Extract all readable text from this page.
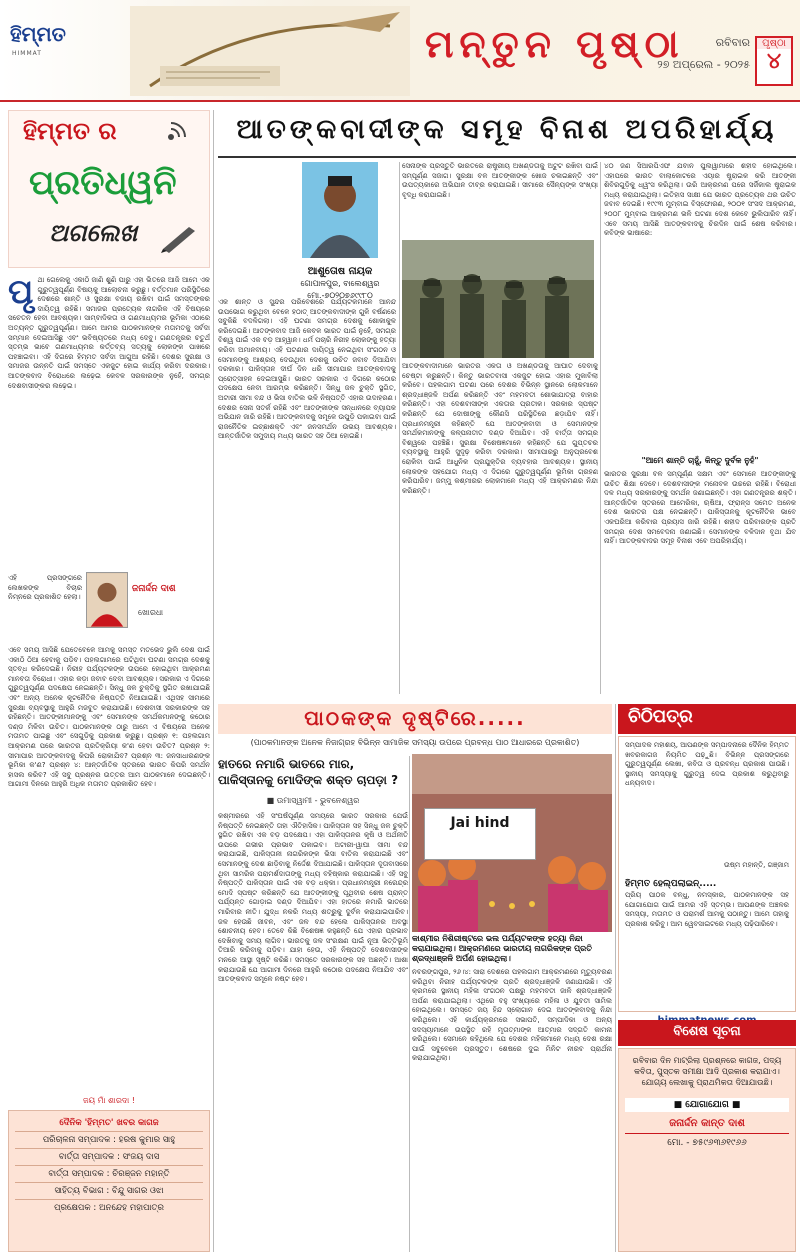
ହିମ୍ମତ
HIMMAT	ମନ୍ତୁନ ପୃଷ୍ଠା	ରବିବାର
୨୭ ଅପ୍ରେଲ - ୨୦୨୫
ପୃଷ୍ଠା
୪
ହିମ୍ମତ ର
ପ୍ରତିଧ୍ୱନି
ଅଗଲେଖ
ପୃ ଥା ଗେଲେକୁ ଏକାଠି ଜାଣି ଶୁଣି ପାରୁ ଏହା ଭିତରେ ଆଜି ଆମେ ଏକ ଗୁରୁତ୍ୱପୂର୍ଣ୍ଣ ବିଷୟକୁ ଆଲୋଚନା କରୁଛୁ। ବର୍ତ୍ତମାନ ପରିସ୍ଥିତିରେ ଦେଶରେ ଶାନ୍ତି ଓ ସୁରକ୍ଷା ବଜାୟ ରଖିବା ପାଇଁ ସମସ୍ତଙ୍କର ଦାୟିତ୍ୱ ରହିଛି। ସମାଜର ପ୍ରତ୍ୟେକ ନାଗରିକ ଏହି ବିଷୟରେ ସଚେତନ ହେବା ଆବଶ୍ୟକ। ସାମ୍ବାଦିକତା ଓ ଗଣମାଧ୍ୟମର ଭୂମିକା ଏଠାରେ ଅତ୍ୟନ୍ତ ଗୁରୁତ୍ୱପୂର୍ଣ୍ଣ। ଆମେ ଆମର ପାଠକମାନଙ୍କ ମତାମତକୁ ସର୍ବଦା ସମ୍ମାନ ଦେଇଆସିଛୁ ଏବଂ ଭବିଷ୍ୟତରେ ମଧ୍ୟ ଦେବୁ। ଗଣତନ୍ତ୍ରର ଚତୁର୍ଥ ସ୍ତମ୍ଭ ଭାବେ ଗଣମାଧ୍ୟମର କର୍ତ୍ତବ୍ୟ ସତ୍ୟକୁ ଲୋକଙ୍କ ପାଖରେ ପହଞ୍ଚାଇବା। ଏହି ଦିଗରେ ହିମ୍ମତ ସର୍ବଦା ଆଗୁଆ ରହିଛି। ଦେଶର ସୁରକ୍ଷା ଓ ସମାଜର ଉନ୍ନତି ପାଇଁ ସମସ୍ତେ ଏକଜୁଟ ହୋଇ କାର୍ଯ୍ୟ କରିବା ଦରକାର। ଆତଙ୍କବାଦ ବିରୋଧରେ ଲଢ଼େଇ କେବଳ ସରକାରଙ୍କ ନୁହେଁ, ସମଗ୍ର ଦେଶବାସୀଙ୍କର ଲଢ଼େଇ।
ଏହି ପ୍ରସଙ୍ଗରେ ଲେଖକଙ୍କ ବିଚାର ନିମ୍ନରେ ପ୍ରକାଶିତ ହେଲା।
ଜନାର୍ଦ୍ଦନ ଦାଶ
ଖୋରଧା
ଏବେ ସମୟ ଆସିଛି ଯେତେବେଳେ ଆମକୁ ସମସ୍ତ ମତଭେଦ ଭୁଲି ଦେଶ ପାଇଁ ଏକାଠି ଠିଆ ହେବାକୁ ପଡ଼ିବ। ପହଲଗାମରେ ଘଟିଥିବା ଘଟଣା ସମଗ୍ର ଦେଶକୁ ସ୍ତବ୍ଧ କରିଦେଇଛି। ନିରୀହ ପର୍ଯ୍ୟଟକଙ୍କ ଉପରେ ହୋଇଥିବା ଆକ୍ରମଣ ମାନବତା ବିରୋଧୀ। ଏହାର କଡ଼ା ଜବାବ ଦେବା ଆବଶ୍ୟକ। ସରକାର ଏ ଦିଗରେ ଗୁରୁତ୍ୱପୂର୍ଣ୍ଣ ପଦକ୍ଷେପ ନେଇଛନ୍ତି। ସିନ୍ଧୁ ଜଳ ଚୁକ୍ତିକୁ ସ୍ଥଗିତ ରଖାଯାଇଛି ଏବଂ ଅନ୍ୟ ଅନେକ କୂଟନୈତିକ ନିଷ୍ପତ୍ତି ନିଆଯାଇଛି। ଏଥିସହ ସୀମାରେ ସୁରକ୍ଷା ବ୍ୟବସ୍ଥାକୁ ଆହୁରି ମଜବୁତ କରାଯାଉଛି। ଦେଶବାସୀ ସରକାରଙ୍କ ସହ ରହିଛନ୍ତି। ଆତଙ୍କୀମାନଙ୍କୁ ଏବଂ ସେମାନଙ୍କ ସମର୍ଥକମାନଙ୍କୁ କଠୋର ଦଣ୍ଡ ମିଳିବା ଉଚିତ। ପାଠକମାନଙ୍କ ଠାରୁ ଆମେ ଏ ବିଷୟରେ ଅନେକ ମତାମତ ପାଇଛୁ ଏବଂ ସେଗୁଡ଼ିକୁ ପ୍ରକାଶ କରୁଛୁ। ପ୍ରଶ୍ନ ୧: ପହଲଗାମ ଆକ୍ରମଣ ପରେ ଭାରତର ପ୍ରତିକ୍ରିୟା କ'ଣ ହେବା ଉଚିତ? ପ୍ରଶ୍ନ ୨: ସୀମାପାର ଆତଙ୍କବାଦକୁ କିପରି ରୋକାଯିବ? ପ୍ରଶ୍ନ ୩: ଜନସାଧାରଣଙ୍କ ଭୂମିକା କ'ଣ? ପ୍ରଶ୍ନ ୪: ଆନ୍ତର୍ଜାତିକ ସ୍ତରରେ ଭାରତ କିପରି ସମର୍ଥନ ହାସଲ କରିବ? ଏହି ସବୁ ପ୍ରଶ୍ନର ଉତ୍ତର ଆମ ପାଠକମାନେ ଦେଇଛନ୍ତି। ଆଗାମୀ ଦିନରେ ଆହୁରି ଅଧିକ ମତାମତ ପ୍ରକାଶିତ ହେବ।
ଜୟ ମାଁ ଶାରଦା !
ଦୈନିକ 'ହିମ୍ମତ' ଖବର କାଗଜ
ପରିଚାଳନା ସମ୍ପାଦକ : ହରଷ କୁମାର ସାହୁ
ବାର୍ତ୍ତା ସମ୍ପାଦକ : ସଂଜୟ ଦାସ
ବାର୍ତ୍ତା ସମ୍ପାଦକ : ଚିରଞ୍ଜନ ମହାନ୍ତି
ସାହିତ୍ୟ ବିଭାଗ : ବିନ୍ଦୁ ସାଗର ଓଝା
ପ୍ରକ୍ଷେପକ : ଅନନ୍ଦେହ ମହାପାତ୍ର
ଆତଙ୍କବାଦୀଙ୍କ ସମୂହ ବିନାଶ ଅପରିହାର୍ଯ୍ୟ
ଆଶୁତୋଷ ନାୟକ
ଗୋପାଳପୁର, ବାଲେଶ୍ୱର
ମୋ.-୭୦୨୦୭୬୯୯୮୦
ଏକ ଶାନ୍ତ ଓ ସୁନ୍ଦର ପରିବେଶରେ ପର୍ଯ୍ୟଟକମାନେ ଆନନ୍ଦ ଉପଭୋଗ କରୁଥିବା ବେଳେ ହଠାତ୍ ଆତଙ୍କବାଦୀଙ୍କ ଗୁଳି ବର୍ଷଣରେ ସବୁକିଛି ବଦଳିଗଲା। ଏହି ଘଟଣା ସମଗ୍ର ଦେଶକୁ ଶୋକାକୁଳ କରିଦେଇଛି। ଆତଙ୍କବାଦ ଆଜି କେବଳ ଭାରତ ପାଇଁ ନୁହେଁ, ସମଗ୍ର ବିଶ୍ୱ ପାଇଁ ଏକ ବଡ଼ ଆହ୍ୱାନ। ଧର୍ମ ପଚାରି ନିରୀହ ଲୋକଙ୍କୁ ହତ୍ୟା କରିବା ଅମାନବୀୟ। ଏହି ଘଟଣାର ଦାୟିତ୍ୱ ନେଇଥିବା ସଂଗଠନ ଓ ସେମାନଙ୍କୁ ଆଶ୍ରୟ ଦେଉଥିବା ଦେଶକୁ ଉଚିତ ଜବାବ ଦିଆଯିବା ଦରକାର। ପାକିସ୍ତାନ ଦୀର୍ଘ ଦିନ ଧରି ସୀମାପାର ଆତଙ୍କବାଦକୁ ପ୍ରୋତ୍ସାହନ ଦେଇଆସୁଛି। ଭାରତ ସରକାର ଏ ଦିଗରେ କଠୋର ପଦକ୍ଷେପ ନେବା ଆରମ୍ଭ କରିଛନ୍ତି। ସିନ୍ଧୁ ଜଳ ଚୁକ୍ତି ସ୍ଥଗିତ, ଅଟାରୀ ସୀମା ବନ୍ଦ ଓ ଭିସା ବାତିଲ ଭଳି ନିଷ୍ପତ୍ତି ଏହାର ଉଦାହରଣ। ଦେଶର ସେନା ସତର୍କ ରହିଛି ଏବଂ ଆତଙ୍କୀଙ୍କ ସନ୍ଧାନରେ ବ୍ୟାପକ ଅଭିଯାନ ଜାରି ରହିଛି। ଆତଙ୍କବାଦକୁ ସମୂଳେ ଉପୁଡ଼ି ପକାଇବା ପାଇଁ ରାଜନୈତିକ ଇଚ୍ଛାଶକ୍ତି ଏବଂ ଜନସମର୍ଥନ ଉଭୟ ଆବଶ୍ୟକ। ଆନ୍ତର୍ଜାତିକ ସମୁଦାୟ ମଧ୍ୟ ଭାରତ ସହ ଠିଆ ହୋଇଛି।
ସେନାଙ୍କ ପ୍ରସ୍ତୁତି ଭାରତରେ ରାଷ୍ଟ୍ରୀୟ ଅଖଣ୍ଡତାକୁ ଅଟୁଟ ରଖିବା ପାଇଁ ସମ୍ପୂର୍ଣ୍ଣ ସଜାଗ। ସୁରକ୍ଷା ବଳ ଆତଙ୍କୀଙ୍କ ଖୋଜ ଚଳାଇଛନ୍ତି ଏବଂ ଉପତ୍ୟକାରେ ଅଭିଯାନ ତୀବ୍ର କରାଯାଇଛି। ସୀମାରେ ସୈନ୍ୟଙ୍କ ସଂଖ୍ୟା ବୃଦ୍ଧି କରାଯାଇଛି।
ଆତଙ୍କବାଦୀମାନେ ଭାରତର ଏକତା ଓ ଅଖଣ୍ଡତାକୁ ଆଘାତ ଦେବାକୁ ଚେଷ୍ଟା କରୁଛନ୍ତି। କିନ୍ତୁ ଭାରତବାସୀ ଏକଜୁଟ ହୋଇ ଏହାର ମୁକାବିଲା କରିବେ। ପହଲଗାମ ଘଟଣା ପରେ ଦେଶର ବିଭିନ୍ନ ସ୍ଥାନରେ ଲୋକମାନେ ଶ୍ରଦ୍ଧାଞ୍ଜଳି ଅର୍ପଣ କରିଛନ୍ତି ଏବଂ ମହମବତୀ ଶୋଭାଯାତ୍ରା ବାହାର କରିଛନ୍ତି। ଏହା ଦେଶବାସୀଙ୍କ ଏକତାର ପ୍ରତୀକ। ସରକାର ସ୍ପଷ୍ଟ କରିଛନ୍ତି ଯେ ଦୋଷୀଙ୍କୁ କୌଣସି ପରିସ୍ଥିତିରେ ଛଡ଼ାଯିବ ନାହିଁ। ପ୍ରଧାନମନ୍ତ୍ରୀ କହିଛନ୍ତି ଯେ ଆତଙ୍କବାଦୀ ଓ ସେମାନଙ୍କ ସମର୍ଥକମାନଙ୍କୁ କଳ୍ପନାତୀତ ଦଣ୍ଡ ଦିଆଯିବ। ଏହି ବାର୍ତ୍ତା ସମଗ୍ର ବିଶ୍ୱରେ ପହଞ୍ଚିଛି। ସୁରକ୍ଷା ବିଶେଷଜ୍ଞମାନେ କହିଛନ୍ତି ଯେ ଗୁପ୍ତଚର ବ୍ୟବସ୍ଥାକୁ ଆହୁରି ସୁଦୃଢ଼ କରିବା ଦରକାର। ସୀମାପାରରୁ ଅନୁପ୍ରବେଶ ରୋକିବା ପାଇଁ ଆଧୁନିକ ପ୍ରଯୁକ୍ତିର ବ୍ୟବହାର ଆବଶ୍ୟକ। ସ୍ଥାନୀୟ ଲୋକଙ୍କ ସହଯୋଗ ମଧ୍ୟ ଏ ଦିଗରେ ଗୁରୁତ୍ୱପୂର୍ଣ୍ଣ ଭୂମିକା ଗ୍ରହଣ କରିପାରିବ। ଜମ୍ମୁ କଶ୍ମୀରର ଲୋକମାନେ ମଧ୍ୟ ଏହି ଆକ୍ରମଣର ନିନ୍ଦା କରିଛନ୍ତି।
୪୦ ଜଣ ସିଆରପିଏଫ ଯବାନ ପୁଲୱାମାରେ ଶହୀଦ ହୋଇଥିଲେ। ଏହାପରେ ଭାରତ ବାଲାକୋଟରେ ଏୟାର ଷ୍ଟ୍ରାଇକ କରି ଆତଙ୍କୀ ଶିବିରଗୁଡ଼ିକୁ ଧ୍ୱଂସ କରିଥିଲା। ଉରି ଆକ୍ରମଣ ପରେ ସର୍ଜିକାଲ ଷ୍ଟ୍ରାଇକ ମଧ୍ୟ କରାଯାଇଥିଲା। ଇତିହାସ ସାକ୍ଷୀ ଯେ ଭାରତ ପ୍ରତ୍ୟେକ ଥର ଉଚିତ ଜବାବ ଦେଇଛି। ୧୯୯୩ ମୁମ୍ବାଇ ବିସ୍ଫୋରଣ, ୨୦୦୧ ସଂସଦ ଆକ୍ରମଣ, ୨୦୦୮ ମୁମ୍ବାଇ ଆକ୍ରମଣ ଭଳି ଘଟଣା ଦେଶ କେବେ ଭୁଲିପାରିବ ନାହିଁ। ଏବେ ସମୟ ଆସିଛି ଆତଙ୍କବାଦକୁ ଚିରଦିନ ପାଇଁ ଶେଷ କରିବାର। କବିଙ୍କ ଭାଷାରେ:
"ଆମେ ଶାନ୍ତି ଚାହୁଁ, କିନ୍ତୁ ଦୁର୍ବଳ ନୁହଁ"
ଭାରତର ସୁରକ୍ଷା ବଳ ସମ୍ପୂର୍ଣ୍ଣ ସକ୍ଷମ ଏବଂ ସେମାନେ ଆତଙ୍କୀଙ୍କୁ ଉଚିତ ଶିକ୍ଷା ଦେବେ। ଦେଶବାସୀଙ୍କ ମନୋବଳ ଉଚ୍ଚରେ ରହିଛି। ବିରୋଧୀ ଦଳ ମଧ୍ୟ ସରକାରଙ୍କୁ ସମର୍ଥନ ଜଣାଇଛନ୍ତି। ଏହା ଗଣତନ୍ତ୍ରର ଶକ୍ତି। ଆନ୍ତର୍ଜାତିକ ସ୍ତରରେ ଆମେରିକା, ଋଷିଆ, ଫ୍ରାନ୍ସ ସମେତ ଅନେକ ଦେଶ ଭାରତର ପକ୍ଷ ନେଇଛନ୍ତି। ପାକିସ୍ତାନକୁ କୂଟନୈତିକ ଭାବେ ଏକଘରିଆ କରିବାର ପ୍ରୟାସ ଜାରି ରହିଛି। ଶହୀଦ ପରିବାରଙ୍କ ପ୍ରତି ସମଗ୍ର ଦେଶ ସମବେଦନା ଜଣାଇଛି। ସେମାନଙ୍କ ବଳିଦାନ ବୃଥା ଯିବ ନାହିଁ। ଆତଙ୍କବାଦର ସମୂହ ବିନାଶ ଏବେ ଅପରିହାର୍ଯ୍ୟ।
ପାଠକଙ୍କ ଦୃଷ୍ଟିରେ.....
(ପାଠକମାନଙ୍କ ଅନେକ ନିଜାଗ୍ରହ ବିଭିନ୍ନ ସାମାଜିକ ସମସ୍ୟା ଉପରେ ପ୍ରବନ୍ଧ ପାଠ ଆଧାରରେ ପ୍ରକାଶିତ)
ହାତରେ ନମାରି ଭାତରେ ମାର, ପାକିସ୍ତାନକୁ ମୋଦିଙ୍କ ଶକ୍ତ ଚାପଡ଼ା ?
■ ଉମାସ୍ୱାମୀ - ଭୁବନେଶ୍ୱର
କଶ୍ମୀରରେ ଏହି ସଂଘର୍ଷପୂର୍ଣ୍ଣ ସମୟରେ ଭାରତ ସରକାର ଯେଉଁ ନିଷ୍ପତ୍ତି ନେଇଛନ୍ତି ତାହା ଐତିହାସିକ। ପାକିସ୍ତାନ ସହ ସିନ୍ଧୁ ଜଳ ଚୁକ୍ତି ସ୍ଥଗିତ ରଖିବା ଏକ ବଡ଼ ପଦକ୍ଷେପ। ଏହା ପାକିସ୍ତାନର କୃଷି ଓ ଅର୍ଥନୀତି ଉପରେ ଗଭୀର ପ୍ରଭାବ ପକାଇବ। ଅଟାରୀ-ୱାଘା ସୀମା ବନ୍ଦ କରାଯାଇଛି, ପାକିସ୍ତାନୀ ନାଗରିକଙ୍କ ଭିସା ବାତିଲ କରାଯାଇଛି ଏବଂ ସେମାନଙ୍କୁ ଦେଶ ଛାଡ଼ିବାକୁ ନିର୍ଦ୍ଦେଶ ଦିଆଯାଇଛି। ପାକିସ୍ତାନ ଦୂତାବାସରେ ଥିବା ସାମରିକ ପରାମର୍ଶଦାତାଙ୍କୁ ମଧ୍ୟ ବହିଷ୍କାର କରାଯାଇଛି। ଏହି ସବୁ ନିଷ୍ପତ୍ତି ପାକିସ୍ତାନ ପାଇଁ ଏକ ବଡ଼ ଧକ୍କା। ପ୍ରଧାନମନ୍ତ୍ରୀ ନରେନ୍ଦ୍ର ମୋଦି ସ୍ପଷ୍ଟ କରିଛନ୍ତି ଯେ ଆତଙ୍କୀଙ୍କୁ ପୃଥିବୀର ଶେଷ ପ୍ରାନ୍ତ ପର୍ଯ୍ୟନ୍ତ ଗୋଡ଼ାଇ ଦଣ୍ଡ ଦିଆଯିବ। ଏହା ହାତରେ ନମାରି ଭାତରେ ମାରିବାର ନୀତି। ଯୁଦ୍ଧ ନକରି ମଧ୍ୟ ଶତ୍ରୁକୁ ଦୁର୍ବଳ କରାଯାଇପାରିବ। ଜଳ ହେଉଛି ଜୀବନ, ଏବଂ ଜଳ ବନ୍ଦ ହେଲେ ପାକିସ୍ତାନର ଅବସ୍ଥା ଶୋଚନୀୟ ହେବ। ତେବେ କିଛି ବିଶେଷଜ୍ଞ କହୁଛନ୍ତି ଯେ ଏହାର ପ୍ରଭାବ ଦେଖିବାକୁ ସମୟ ଲାଗିବ। ଭାରତକୁ ଜଳ ସଂରକ୍ଷଣ ପାଇଁ ନୂଆ ଭିତ୍ତିଭୂମି ତିଆରି କରିବାକୁ ପଡ଼ିବ। ଯାହା ହେଉ, ଏହି ନିଷ୍ପତ୍ତି ଦେଶବାସୀଙ୍କ ମନରେ ଆସ୍ଥା ସୃଷ୍ଟି କରିଛି। ସମସ୍ତେ ସରକାରଙ୍କ ସହ ଅଛନ୍ତି। ଆଶା କରାଯାଉଛି ଯେ ଆଗାମୀ ଦିନରେ ଆହୁରି କଠୋର ପଦକ୍ଷେପ ନିଆଯିବ ଏବଂ ଆତଙ୍କବାଦ ସମୂଳେ ନଷ୍ଟ ହେବ।
Jai hind
କାଶ୍ମୀର ନିଶିରୀଷ୍ଟରେ ଭଲ ପର୍ଯ୍ୟଟକଙ୍କ ହତ୍ୟା ନିନ୍ଦା କରାଯାଇଥିଲା। ଆକ୍ରମଣରେ ଭାରତୀୟ ନାଗରିକଙ୍କ ପ୍ରତି ଶ୍ରଦ୍ଧାଞ୍ଜଳି ଅର୍ପଣ ହୋଇଥିଲା।
ନବରଙ୍ଗପୁର, ୨୬।୪: ସାରା ଦେଶରେ ପହଲଗାମ ଆକ୍ରମଣରେ ମୃତ୍ୟୁବରଣ କରିଥିବା ନିରୀହ ପର୍ଯ୍ୟଟକଙ୍କ ପ୍ରତି ଶ୍ରଦ୍ଧାଞ୍ଜଳି ଜଣାଯାଉଛି। ଏହି କ୍ରମରେ ସ୍ଥାନୀୟ ମହିଳା ସଂଗଠନ ପକ୍ଷରୁ ମହମବତୀ ଜାଳି ଶ୍ରଦ୍ଧାଞ୍ଜଳି ଅର୍ପଣ କରାଯାଇଥିଲା। ଏଥିରେ ବହୁ ସଂଖ୍ୟାରେ ମହିଳା ଓ ଯୁବତୀ ସାମିଲ ହୋଇଥିଲେ। ସମସ୍ତେ ଜୟ ହିନ୍ଦ ସ୍ଲୋଗାନ ଦେଇ ଆତଙ୍କବାଦକୁ ନିନ୍ଦା କରିଥିଲେ। ଏହି କାର୍ଯ୍ୟକ୍ରମରେ ସଭାପତି, ସମ୍ପାଦିକା ଓ ଅନ୍ୟ ସଦସ୍ୟାମାନେ ଉପସ୍ଥିତ ରହି ମୃତାତ୍ମାଙ୍କ ଆତ୍ମାର ସଦ୍‌ଗତି କାମନା କରିଥିଲେ। ସେମାନେ କହିଥିଲେ ଯେ ଦେଶର ମହିଳାମାନେ ମଧ୍ୟ ଦେଶ ରକ୍ଷା ପାଇଁ ସବୁବେଳେ ପ୍ରସ୍ତୁତ। ଶେଷରେ ଦୁଇ ମିନିଟ ନୀରବ ପ୍ରାର୍ଥନା କରାଯାଇଥିଲା।
ଚିଠିପତ୍ର
ସମ୍ପାଦକ ମହାଶୟ, ଆପଣଙ୍କ ସମ୍ପାଦନାରେ ଦୈନିକ ହିମ୍ମତ ଖବରକାଗଜ ନିୟମିତ ପଢ଼ୁଛି। ବିଭିନ୍ନ ପ୍ରସଙ୍ଗରେ ଗୁରୁତ୍ୱପୂର୍ଣ୍ଣ ଲେଖା, କବିତା ଓ ପ୍ରବନ୍ଧ ପ୍ରକାଶ ପାଉଛି। ସ୍ଥାନୀୟ ସମସ୍ୟାକୁ ଗୁରୁତ୍ୱ ଦେଇ ପ୍ରକାଶ କରୁଥିବାରୁ ଧନ୍ୟବାଦ।
ଉଷ୍ମ ମହାନ୍ତି, ଗଞ୍ଜାମ
ହିମ୍ମତ ହେଲ୍ପଲାଇନ୍.....
ପ୍ରିୟ ପାଠକ ବନ୍ଧୁ, ନମସ୍କାର, ପାଠକମାନଙ୍କ ସହ ଯୋଗାଯୋଗ ପାଇଁ ଆମର ଏହି ସ୍ତମ୍ଭ। ଆପଣଙ୍କ ଅଞ୍ଚଳର ସମସ୍ୟା, ମତାମତ ଓ ପରାମର୍ଶ ଆମକୁ ପଠାନ୍ତୁ। ଆମେ ତାହାକୁ ପ୍ରକାଶ କରିବୁ। ଆମ ୱେବସାଇଟରେ ମଧ୍ୟ ପଢ଼ିପାରିବେ।
ବିଶେଷ ସୂଚନା
ରବିବାର ଦିନ ମାଟ୍ରିଲା ପ୍ରଶ୍ନରେ କାଗଜ, ପଦ୍ୟ କବିତା, ପୁସ୍ତକ ସମୀକ୍ଷା ଆଦି ପ୍ରକାଶ କରାଯାଏ। ଯୋଗ୍ୟ ଲେଖାକୁ ପ୍ରାଥମିକତା ଦିଆଯାଉଛି।
■ ଯୋଗାଯୋଗ ■
ଜନାର୍ଦ୍ଦନ କାନ୍ତ ଦାଶ
ମୋ. - ୭୫୯୬୩୬୧୯୬୬
